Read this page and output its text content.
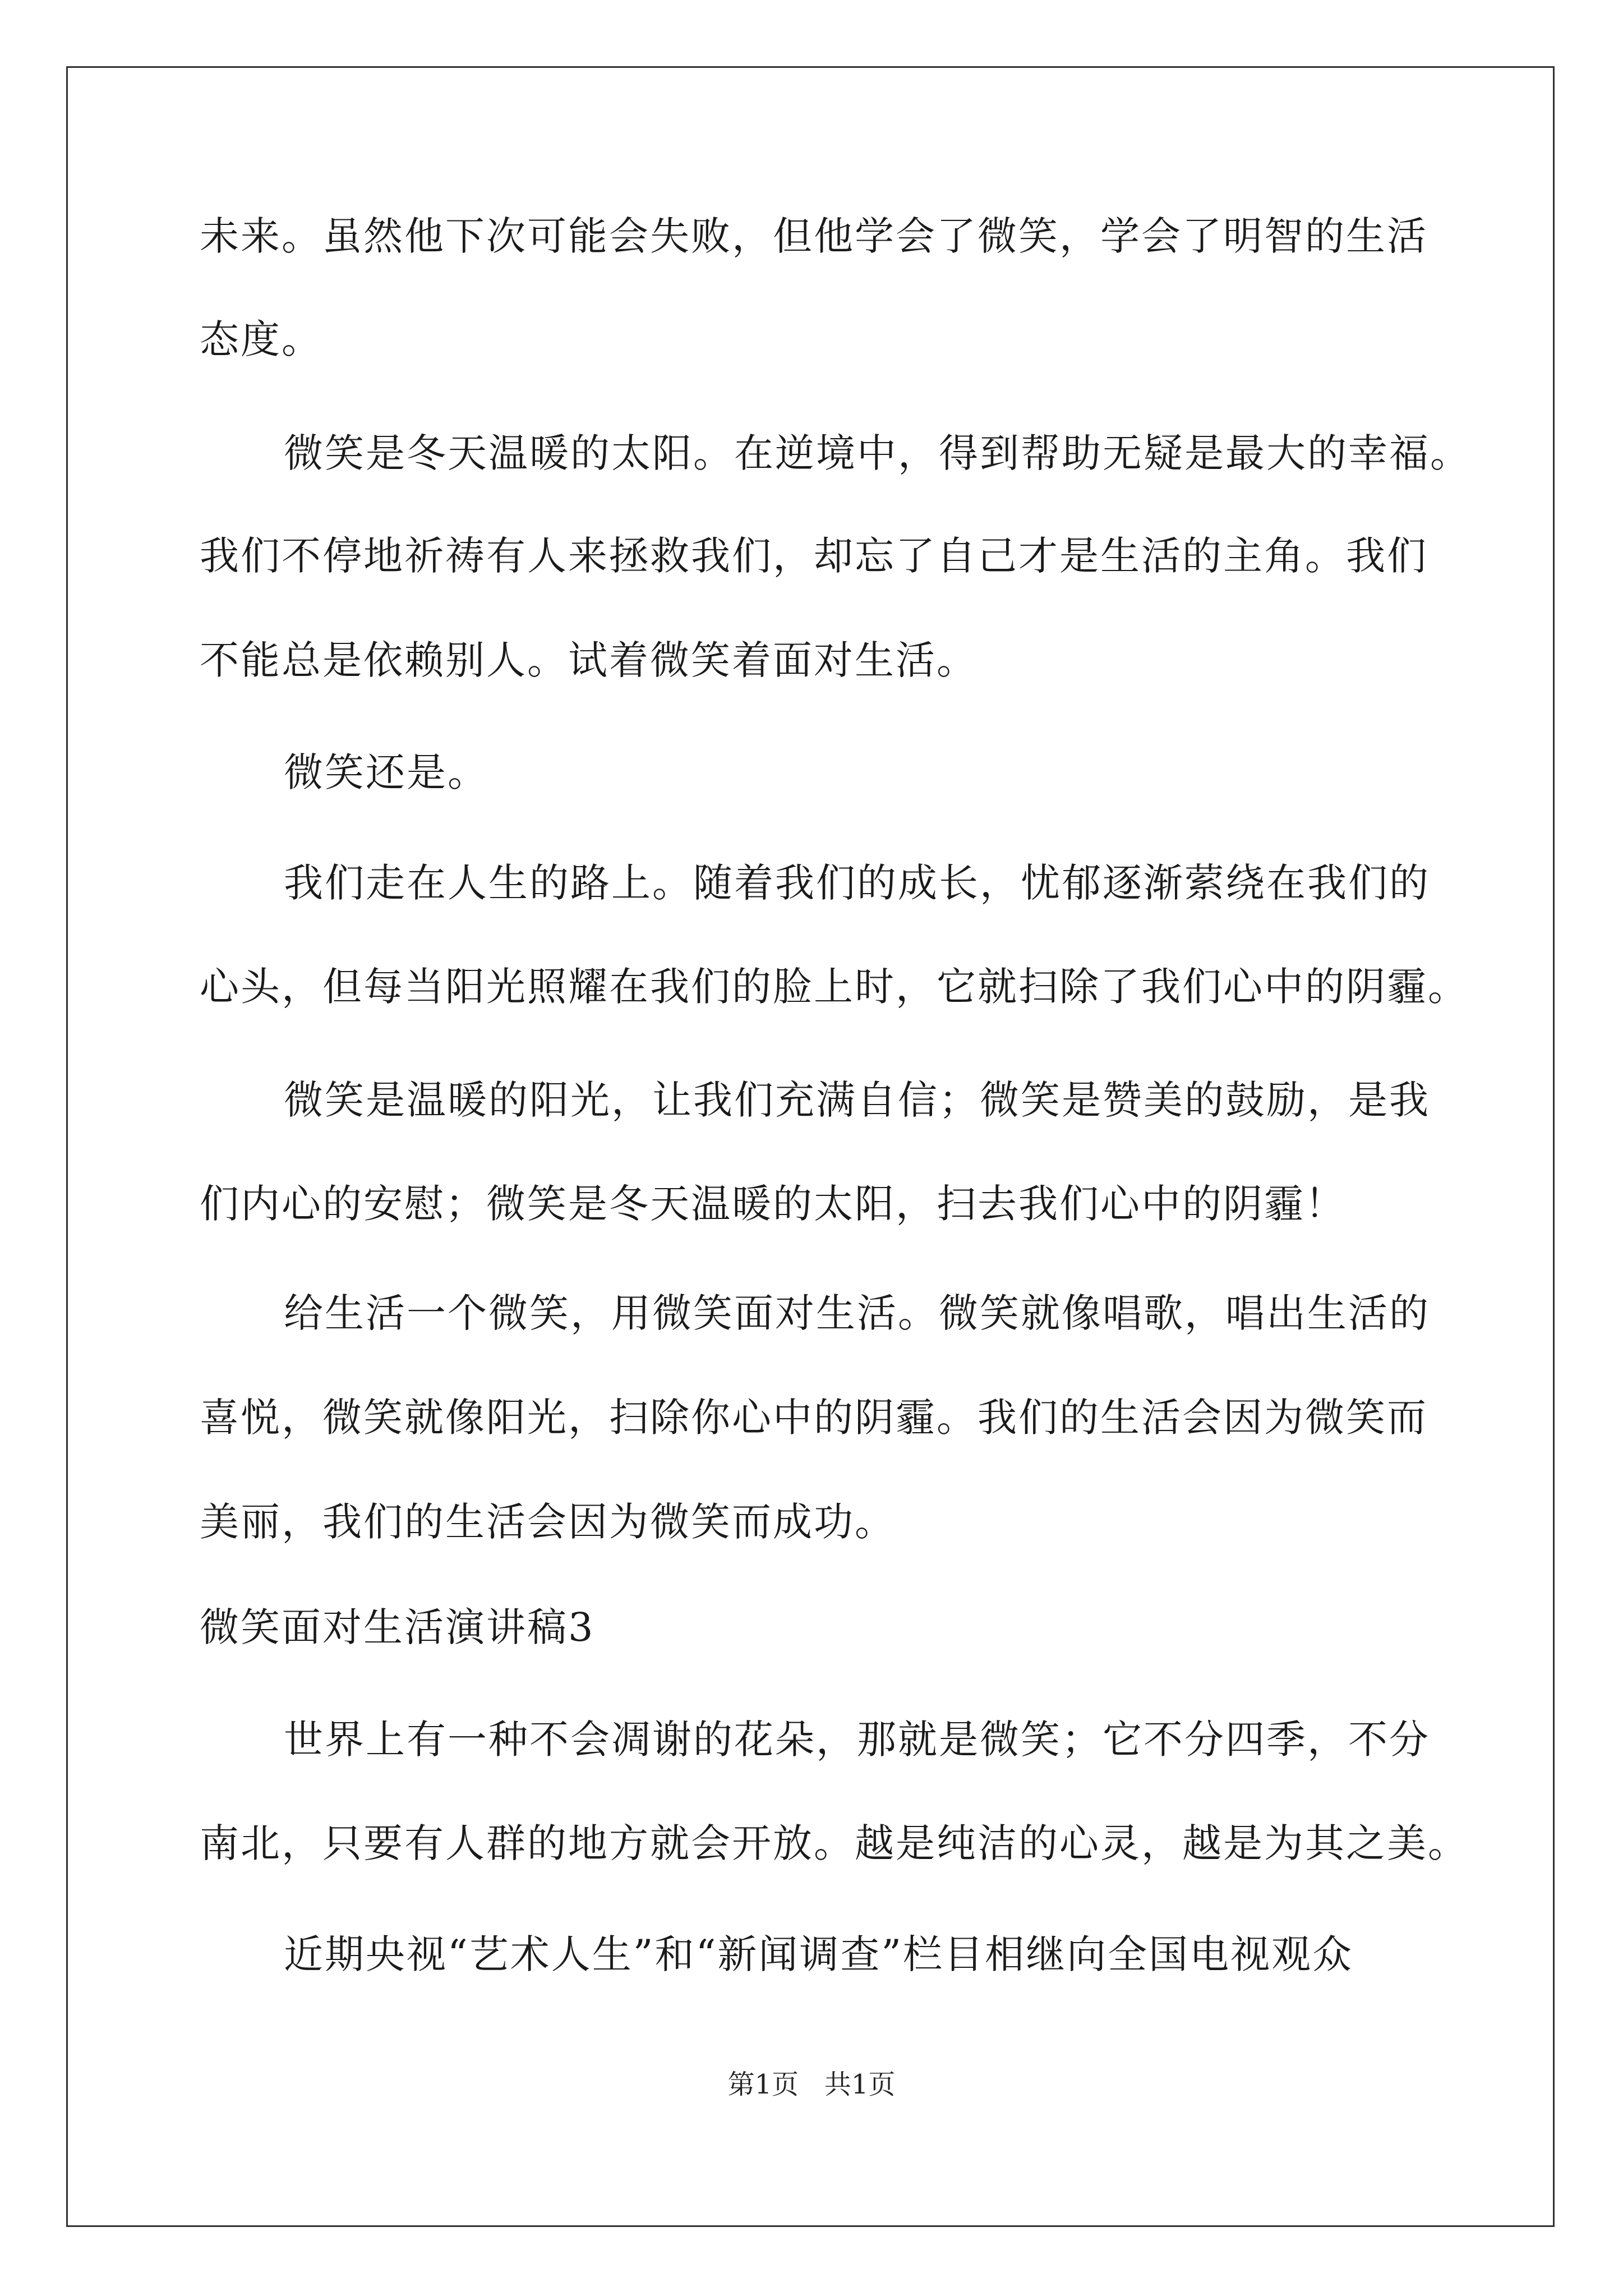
未来。虽然他下次可能会失败，但他学会了微笑，学会了明智的生活
态度。
微笑是冬天温暖的太阳。在逆境中，得到帮助无疑是最大的幸福。
我们不停地祈祷有人来拯救我们，却忘了自己才是生活的主角。我们
不能总是依赖别人。试着微笑着面对生活。
微笑还是。
我们走在人生的路上。随着我们的成长，忧郁逐渐萦绕在我们的
心头，但每当阳光照耀在我们的脸上时，它就扫除了我们心中的阴霾。
微笑是温暖的阳光，让我们充满自信；微笑是赞美的鼓励，是我
们内心的安慰；微笑是冬天温暖的太阳，扫去我们心中的阴霾！
给生活一个微笑，用微笑面对生活。微笑就像唱歌，唱出生活的
喜悦，微笑就像阳光，扫除你心中的阴霾。我们的生活会因为微笑而
美丽，我们的生活会因为微笑而成功。
微笑面对生活演讲稿3
世界上有一种不会凋谢的花朵，那就是微笑；它不分四季，不分
南北，只要有人群的地方就会开放。越是纯洁的心灵，越是为其之美。
近期央视“艺术人生”和“新闻调查”栏目相继向全国电视观众
第1页   共1页
